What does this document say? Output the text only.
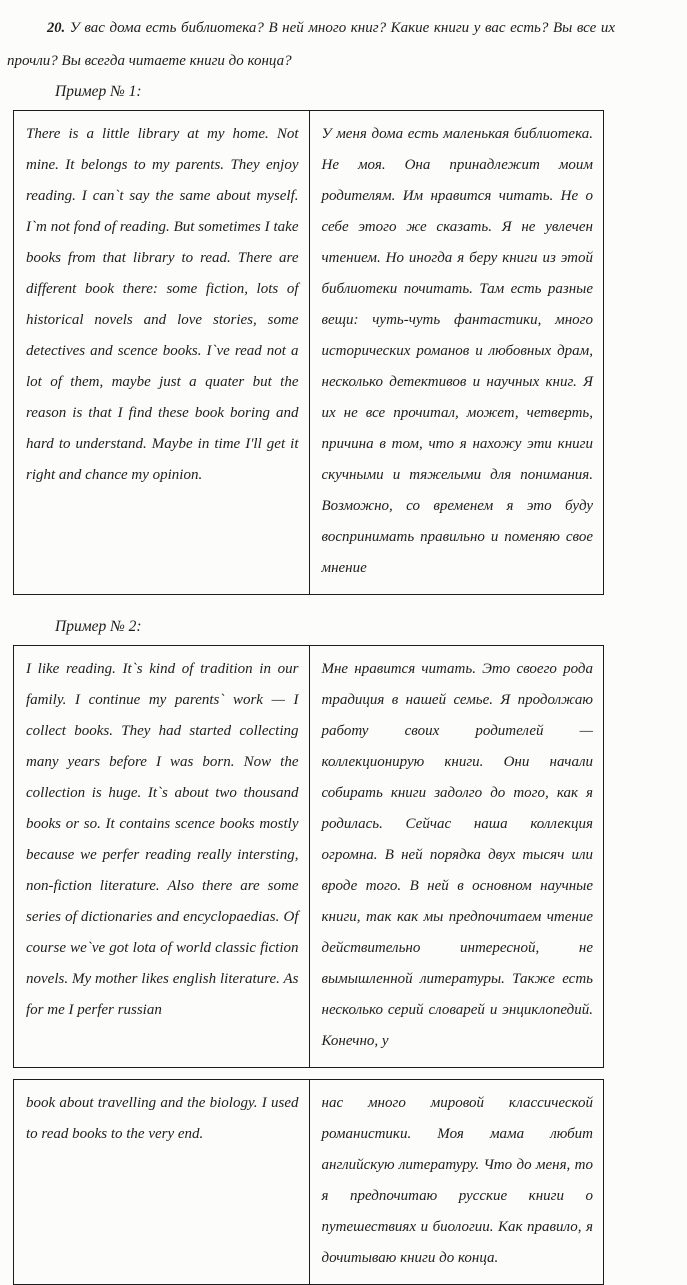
20. У вас дома есть библиотека? В ней много книг? Какие книги у вас есть? Вы все их прочли? Вы всегда читаете книги до конца?

Пример № 1:
There is a little library at my home. Not mine. It belongs to my parents. They enjoy reading. I can`t say the same about myself. I`m not fond of reading. But sometimes I take books from that library to read. There are different book there: some fiction, lots of historical novels and love stories, some detectives and scence books. I`ve read not a lot of them, maybe just a quater but the reason is that I find these book boring and hard to understand. Maybe in time I'll get it right and chance my opinion.
У меня дома есть маленькая библиотека. Не моя. Она принадлежит моим родителям. Им нравится читать. Не о себе этого же сказать. Я не увлечен чтением. Но иногда я беру книги из этой библиотеки почитать. Там есть разные вещи: чуть-чуть фантастики, много исторических романов и любовных драм, несколько детективов и научных книг. Я их не все прочитал, может, четверть, причина в том, что я нахожу эти книги скучными и тяжелыми для понимания. Возможно, со временем я это буду воспринимать правильно и поменяю свое мнение
Пример № 2:
I like reading. It`s kind of tradition in our family. I continue my parents` work — I collect books. They had started collecting many years before I was born. Now the collection is huge. It`s about two thousand books or so. It contains scence books mostly because we perfer reading really intersting, non-fiction literature. Also there are some series of dictionaries and encyclopaedias. Of course we`ve got lota of world classic fiction novels. My mother likes english literature. As for me I perfer russian
Мне нравится читать. Это своего рода традиция в нашей семье. Я продолжаю работу своих родителей — коллекционирую книги. Они начали собирать книги задолго до того, как я родилась. Сейчас наша коллекция огромна. В ней порядка двух тысяч или вроде того. В ней в основном научные книги, так как мы предпочитаем чтение действительно интересной, не вымышленной литературы. Также есть несколько серий словарей и энциклопедий. Конечно, у
book about travelling and the biology. I used to read books to the very end.
нас много мировой классической романистики. Моя мама любит английскую литературу. Что до меня, то я предпочитаю русские книги о путешествиях и биологии. Как правило, я дочитываю книги до конца.
